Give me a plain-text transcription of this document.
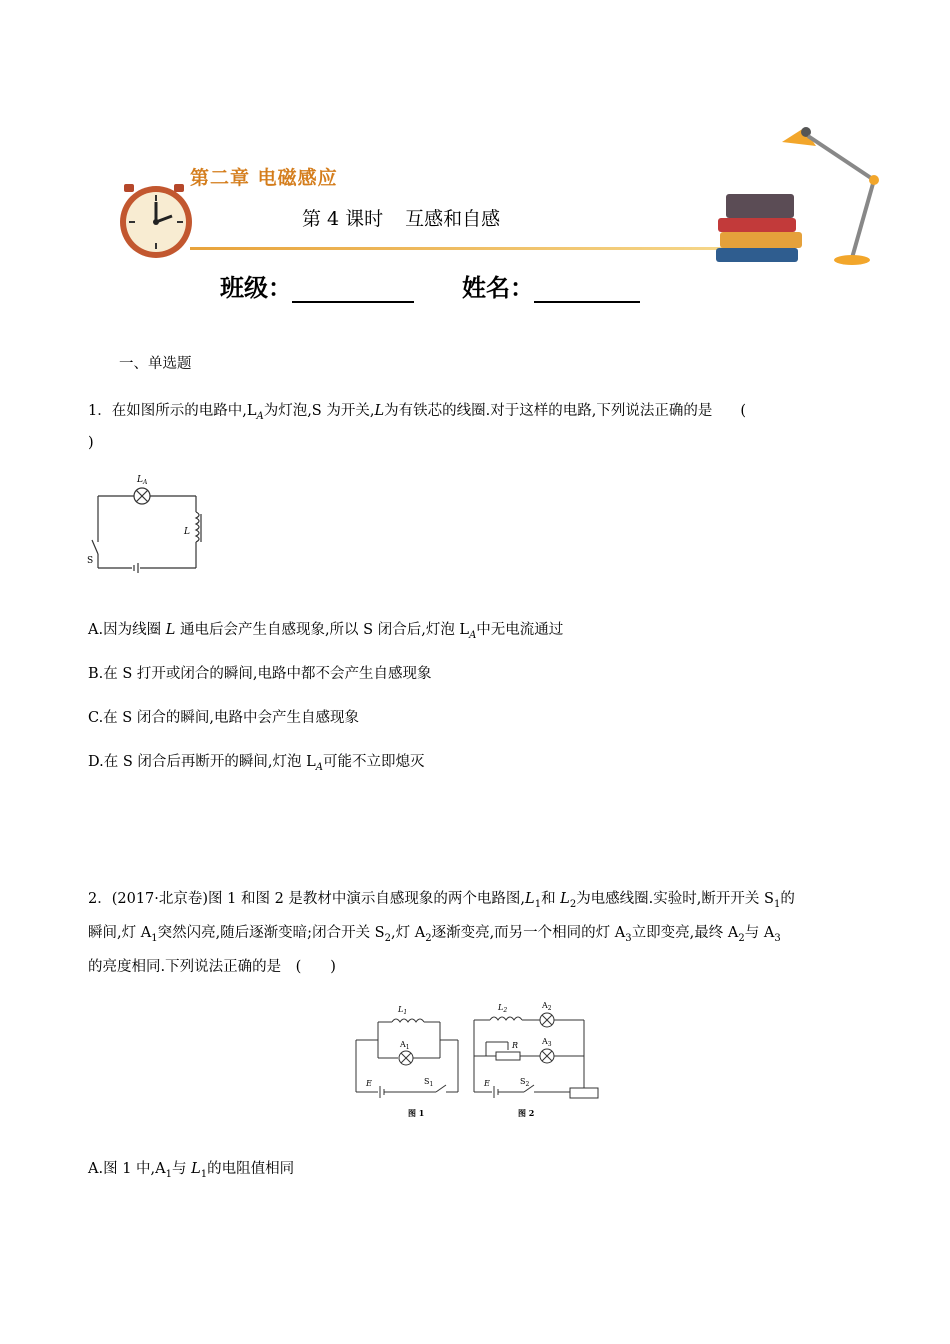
第二章 电磁感应
第 4 课时 互感和自感
班级：	姓名：
一、单选题
1．在如图所示的电路中$,L_A$为灯泡,S 为开关,L为有铁芯的线圈.对于这样的电路,下列说法正确的是 (
)
$L_A$
L
S
A.因为线圈 L 通电后会产生自感现象,所以 S 闭合后,灯泡 $L_A$中无电流通过
B.在 S 打开或闭合的瞬间,电路中都不会产生自感现象
C.在 S 闭合的瞬间,电路中会产生自感现象
D.在 S 闭合后再断开的瞬间,灯泡 $L_A$可能不立即熄灭
2．(2017·北京卷)图 1 和图 2 是教材中演示自感现象的两个电路图$,L_1$和 $L_2$为电感线圈.实验时,断开开关 $S_1$的
瞬间,灯 $A_1$突然闪亮,随后逐渐变暗;闭合开关 $S_2$,灯 $A_2$逐渐变亮,而另一个相同的灯 $A_3$立即变亮,最终 $A_2$与 $A_3$
的亮度相同.下列说法正确的是　(　　)
$L_1$
$A_1$
E	$S_1$
图 1
$L_2$
$A_2$
R	$A_3$
E	$S_2$
图 2
A.图 1 中$,A_1$与 $L_1$的电阻值相同
